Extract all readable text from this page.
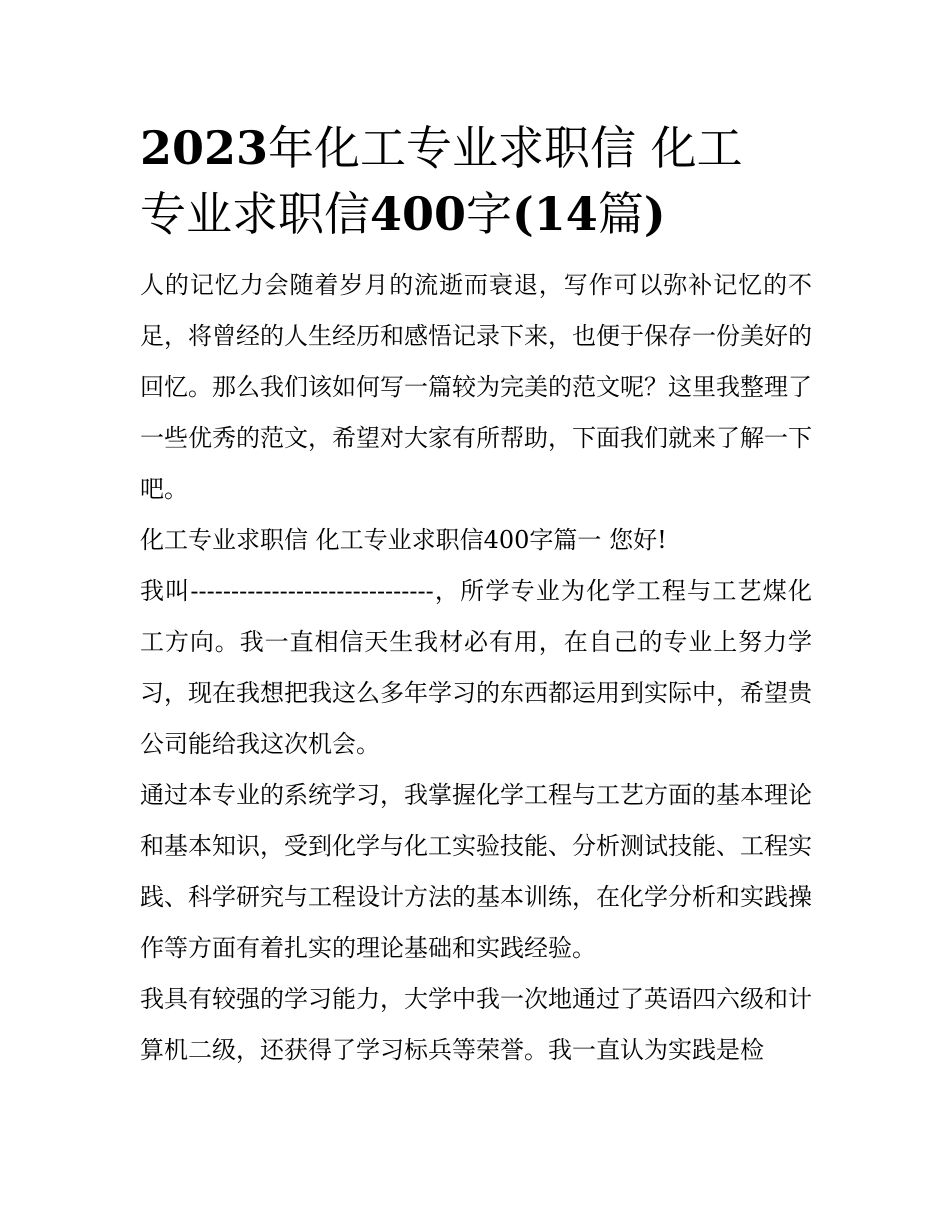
2023年化工专业求职信 化工
专业求职信400字(14篇)

人的记忆力会随着岁月的流逝而衰退，写作可以弥补记忆的不足，将曾经的人生经历和感悟记录下来，也便于保存一份美好的回忆。那么我们该如何写一篇较为完美的范文呢？这里我整理了一些优秀的范文，希望对大家有所帮助，下面我们就来了解一下吧。

化工专业求职信 化工专业求职信400字篇一 您好!

我叫------------------------------，所学专业为化学工程与工艺煤化工方向。我一直相信天生我材必有用，在自己的专业上努力学习，现在我想把我这么多年学习的东西都运用到实际中，希望贵公司能给我这次机会。

通过本专业的系统学习，我掌握化学工程与工艺方面的基本理论和基本知识，受到化学与化工实验技能、分析测试技能、工程实践、科学研究与工程设计方法的基本训练，在化学分析和实践操作等方面有着扎实的理论基础和实践经验。

我具有较强的学习能力，大学中我一次地通过了英语四六级和计算机二级，还获得了学习标兵等荣誉。我一直认为实践是检
